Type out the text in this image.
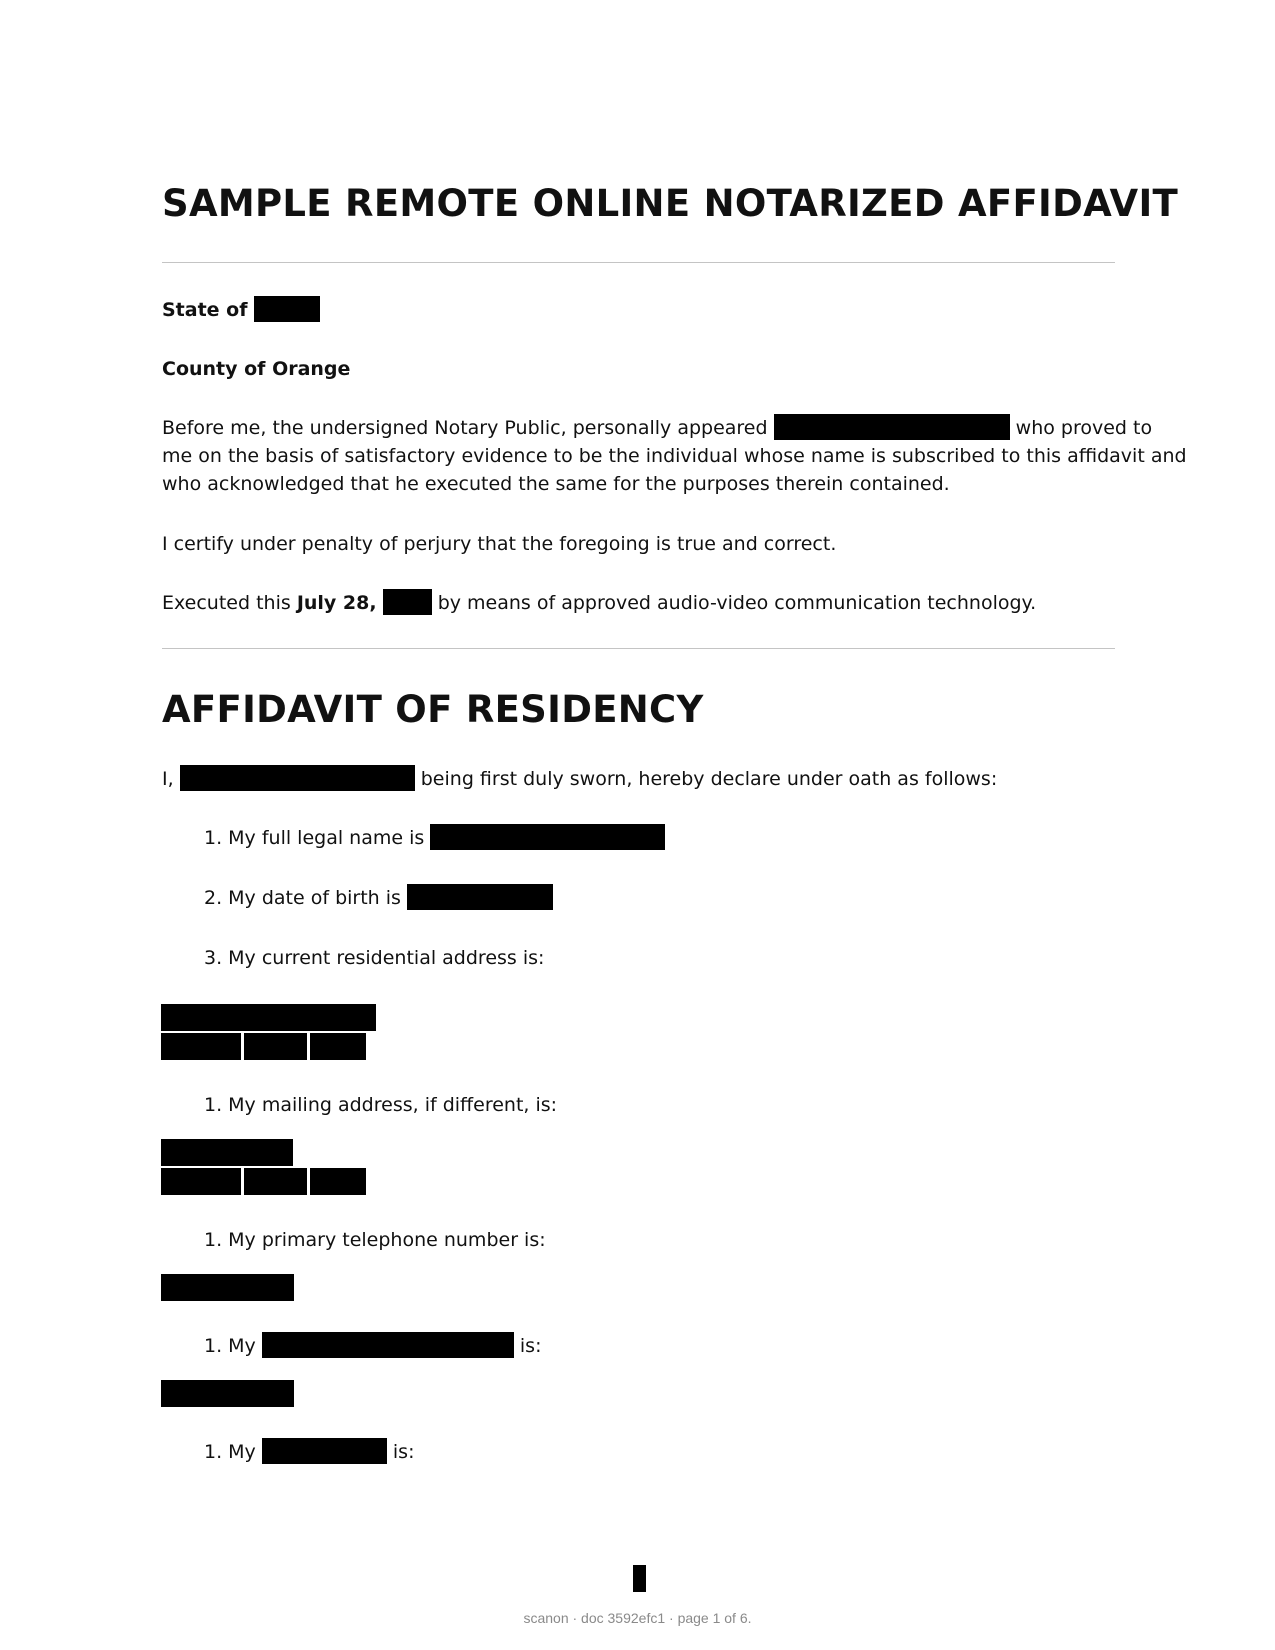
SAMPLE REMOTE ONLINE NOTARIZED AFFIDAVIT
State of
County of Orange
Before me, the undersigned Notary Public, personally appeared	who proved to
me on the basis of satisfactory evidence to be the individual whose name is subscribed to this affidavit and
who acknowledged that he executed the same for the purposes therein contained.
I certify under penalty of perjury that the foregoing is true and correct.
Executed this July 28,	by means of approved audio-video communication technology.
AFFIDAVIT OF RESIDENCY
I,	being first duly sworn, hereby declare under oath as follows:
1. My full legal name is
2. My date of birth is
3. My current residential address is:
1. My mailing address, if different, is:
1. My primary telephone number is:
1. My	is:
1. My	is:
scanon · doc 3592efc1 · page 1 of 6.
